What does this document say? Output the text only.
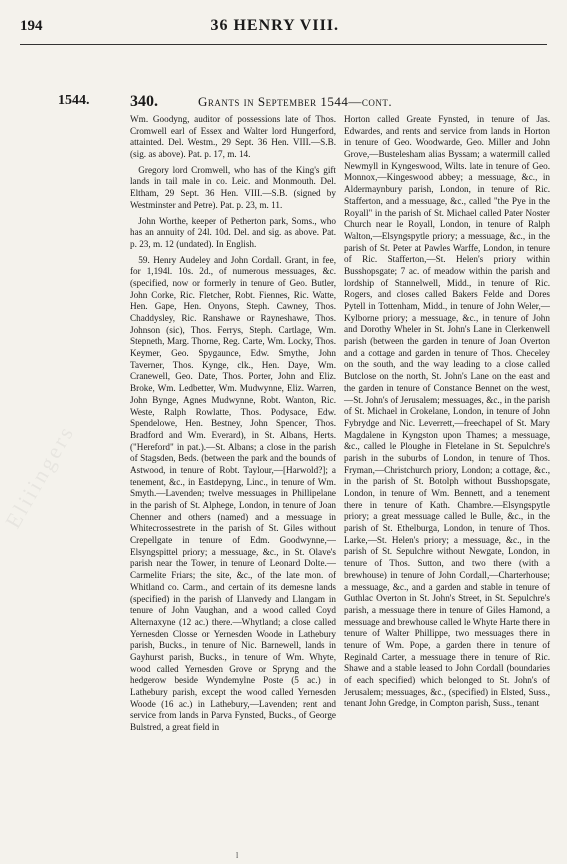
194	36 HENRY VIII.
1544.	340.	Grants in September 1544—cont.

Wm. Goodyng, auditor of possessions late of Thos. Cromwell earl of Essex and Walter lord Hungerford, attainted. Del. Westm., 29 Sept. 36 Hen. VIII.—S.B. (sig. as above). Pat. p. 17, m. 14.

Gregory lord Cromwell, who has of the King's gift lands in tail male in co. Leic. and Monmouth. Del. Eltham, 29 Sept. 36 Hen. VIII.—S.B. (signed by Westminster and Petre). Pat. p. 23, m. 11.

John Worthe, keeper of Petherton park, Soms., who has an annuity of 24l. 10d. Del. and sig. as above. Pat. p. 23, m. 12 (undated). In English.

59. Henry Audeley and John Cordall. Grant, in fee, for 1,194l. 10s. 2d., of numerous messuages, &c. (specified, now or formerly in tenure of Geo. Butler, John Corke, Ric. Fletcher, Robt. Fiennes, Ric. Watte, Hen. Gape, Hen. Onyons, Steph. Cawney, Thos. Chaddysley, Ric. Ranshawe or Rayneshawe, Thos. Johnson (sic), Thos. Ferrys, Steph. Cartlage, Wm. Stepneth, Marg. Thorne, Reg. Carte, Wm. Locky, Thos. Keymer, Geo. Spygaunce, Edw. Smythe, John Taverner, Thos. Kynge, clk., Hen. Daye, Wm. Cranewell, Geo. Date, Thos. Porter, John and Eliz. Broke, Wm. Ledbetter, Wm. Mudwynne, Eliz. Warren, John Bynge, Agnes Mudwynne, Robt. Wanton, Ric. Weste, Ralph Rowlatte, Thos. Podysace, Edw. Spendelowe, Hen. Bestney, John Spencer, Thos. Bradford and Wm. Everard), in St. Albans, Herts. ("Hereford" in pat.).—St. Albans; a close in the parish of Stagsden, Beds. (between the park and the bounds of Astwood, in tenure of Robt. Taylour,—[Harwold?]; a tenement, &c., in Eastdepyng, Linc., in tenure of Wm. Smyth.—Lavenden; twelve messuages in Phillipelane in the parish of St. Alphege, London, in tenure of Joan Chenner and others (named) and a messuage in Whitecrossestrete in the parish of St. Giles without Crepellgate in tenure of Edm. Goodwynne,—Elsyngspittel priory; a messuage, &c., in St. Olave's parish near the Tower, in tenure of Leonard Dolte.—Carmelite Friars; the site, &c., of the late mon. of Whitland co. Carm., and certain of its demesne lands (specified) in the parish of Llanvedy and Llangam in tenure of John Vaughan, and a wood called Coyd Alternaxyne (12 ac.) there.—Whytland; a close called Yernesden Closse or Yernesden Woode in Lathebury parish, Bucks., in tenure of Nic. Barnewell, lands in Gayhurst parish, Bucks., in tenure of Wm. Whyte, wood called Yernesden Grove or Spryng and the hedgerow beside Wyndemylne Poste (5 ac.) in Lathebury parish, except the wood called Yernesden Woode (16 ac.) in Lathebury,—Lavenden; rent and service from lands in Parva Fynsted, Bucks., of George Bulstred, a great field in

Horton called Greate Fynsted, in tenure of Jas. Edwardes, and rents and service from lands in Horton in tenure of Geo. Woodwarde, Geo. Miller and John Grove,—Bustelesham alias Byssam; a watermill called Newmyll in Kyngeswood, Wilts. late in tenure of Geo. Monnox,—Kingeswood abbey; a messuage, &c., in Aldermaynbury parish, London, in tenure of Ric. Stafferton, and a messuage, &c., called "the Pye in the Royall" in the parish of St. Michael called Pater Noster Church near le Royall, London, in tenure of Ralph Walton,—Elsyngspytle priory; a messuage, &c., in the parish of St. Peter at Pawles Warffe, London, in tenure of Ric. Stafferton,—St. Helen's priory within Busshopsgate; 7 ac. of meadow within the parish and lordship of Stannelwell, Midd., in tenure of Ric. Rogers, and closes called Bakers Felde and Dores Pytell in Tottenham, Midd., in tenure of John Weler,—Kylborne priory; a messuage, &c., in tenure of John and Dorothy Wheler in St. John's Lane in Clerkenwell parish (between the garden in tenure of Joan Overton and a cottage and garden in tenure of Thos. Checeley on the south, and the way leading to a close called Butclose on the north, St. John's Lane on the east and the garden in tenure of Constance Bennet on the west,—St. John's of Jerusalem; messuages, &c., in the parish of St. Michael in Crokelane, London, in tenure of John Fybrydge and Nic. Leverrett,—freechapel of St. Mary Magdalene in Kyngston upon Thames; a messuage, &c., called le Ploughe in Fletelane in St. Sepulchre's parish in the suburbs of London, in tenure of Thos. Fryman,—Christchurch priory, London; a cottage, &c., in the parish of St. Botolph without Busshopsgate, London, in tenure of Wm. Bennett, and a tenement there in tenure of Kath. Chambre.—Elsyngspytle priory; a great messuage called le Bulle, &c., in the parish of St. Ethelburga, London, in tenure of Thos. Larke,—St. Helen's priory; a messuage, &c., in the parish of St. Sepulchre without Newgate, London, in tenure of Thos. Sutton, and two there (with a brewhouse) in tenure of John Cordall,—Charterhouse; a messuage, &c., and a garden and stable in tenure of Guthlac Overton in St. John's Street, in St. Sepulchre's parish, a messuage there in tenure of Giles Hamond, a messuage and brewhouse called le Whyte Harte there in tenure of Walter Phillippe, two messuages there in tenure of Wm. Pope, a garden there in tenure of Reginald Carter, a messuage there in tenure of Ric. Shawe and a stable leased to John Cordall (boundaries of each specified) which belonged to St. John's of Jerusalem; messuages, &c., (specified) in Elsted, Suss., tenant John Gredge, in Compton parish, Suss., tenant

Eliiingers
l
